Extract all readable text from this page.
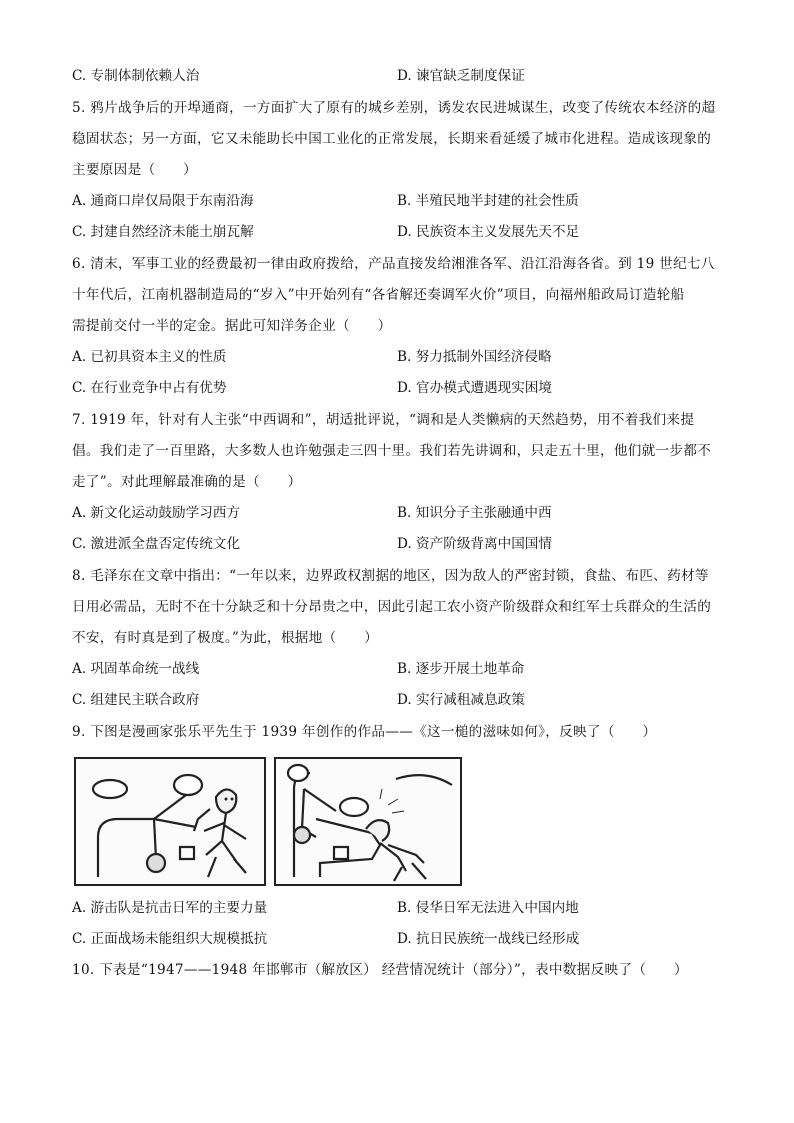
C. 专制体制依赖人治	D. 谏官缺乏制度保证
5. 鸦片战争后的开埠通商，一方面扩大了原有的城乡差别，诱发农民进城谋生，改变了传统农本经济的超
稳固状态；另一方面，它又未能助长中国工业化的正常发展，长期来看延缓了城市化进程。造成该现象的
主要原因是（　　）
A. 通商口岸仅局限于东南沿海	B. 半殖民地半封建的社会性质
C. 封建自然经济未能土崩瓦解	D. 民族资本主义发展先天不足
6. 清末，军事工业的经费最初一律由政府拨给，产品直接发给湘淮各军、沿江沿海各省。到 19 世纪七八
十年代后，江南机器制造局的“岁入”中开始列有“各省解还奏调军火价”项目，向福州船政局订造轮船
需提前交付一半的定金。据此可知洋务企业（　　）
A. 已初具资本主义的性质	B. 努力抵制外国经济侵略
C. 在行业竞争中占有优势	D. 官办模式遭遇现实困境
7. 1919 年，针对有人主张“中西调和”，胡适批评说，“调和是人类懒病的天然趋势，用不着我们来提
倡。我们走了一百里路，大多数人也许勉强走三四十里。我们若先讲调和，只走五十里，他们就一步都不
走了”。对此理解最准确的是（　　）
A. 新文化运动鼓励学习西方	B. 知识分子主张融通中西
C. 激进派全盘否定传统文化	D. 资产阶级背离中国国情
8. 毛泽东在文章中指出：“一年以来，边界政权割据的地区，因为敌人的严密封锁，食盐、布匹、药材等
日用必需品，无时不在十分缺乏和十分昂贵之中，因此引起工农小资产阶级群众和红军士兵群众的生活的
不安，有时真是到了极度。”为此，根据地（　　）
A. 巩固革命统一战线	B. 逐步开展土地革命
C. 组建民主联合政府	D. 实行减租减息政策
9. 下图是漫画家张乐平先生于 1939 年创作的作品——《这一槌的滋味如何》，反映了（　　）
A. 游击队是抗击日军的主要力量	B. 侵华日军无法进入中国内地
C. 正面战场未能组织大规模抵抗	D. 抗日民族统一战线已经形成
10. 下表是“1947——1948 年邯郸市（解放区） 经营情况统计（部分）”，表中数据反映了（　　）
